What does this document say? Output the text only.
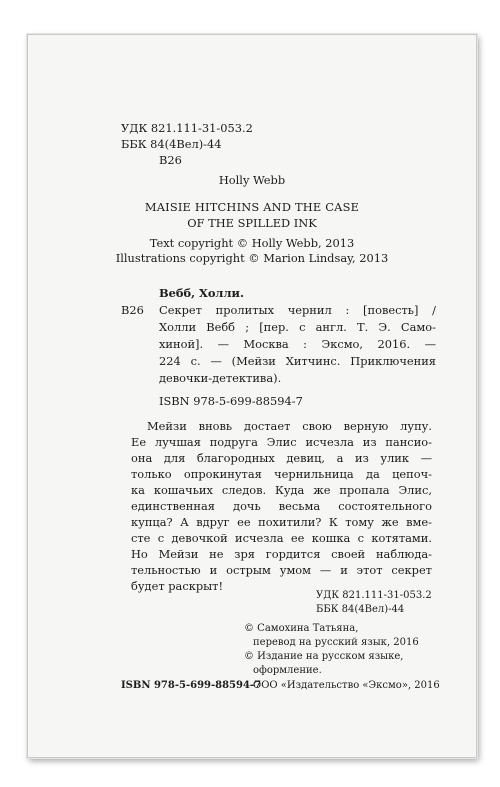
УДК 821.111-31-053.2
ББК 84(4Вел)-44
В26
Holly Webb
MAISIE HITCHINS AND THE CASE
OF THE SPILLED INK
Text copyright © Holly Webb, 2013
Illustrations copyright © Marion Lindsay, 2013
Вебб, Холли.
В26 Секрет пролитых чернил : [повесть] /
Холли Вебб ; [пер. с англ. Т. Э. Само-
хиной]. — Москва : Эксмо, 2016. —
224 с. — (Мейзи Хитчинс. Приключения
девочки-детектива).
ISBN 978-5-699-88594-7
Мейзи вновь достает свою верную лупу.
Ее лучшая подруга Элис исчезла из пансио-
она для благородных девиц, а из улик —
только опрокинутая чернильница да цепоч-
ка кошачьих следов. Куда же пропала Элис,
единственная дочь весьма состоятельного
купца? А вдруг ее похитили? К тому же вме-
сте с девочкой исчезла ее кошка с котятами.
Но Мейзи не зря гордится своей наблюда-
тельностью и острым умом — и этот секрет
будет раскрыт!
УДК 821.111-31-053.2
ББК 84(4Вел)-44
© Самохина Татьяна,
перевод на русский язык, 2016
© Издание на русском языке,
оформление.
ISBN 978-5-699-88594-7
ООО «Издательство «Эксмо», 2016
